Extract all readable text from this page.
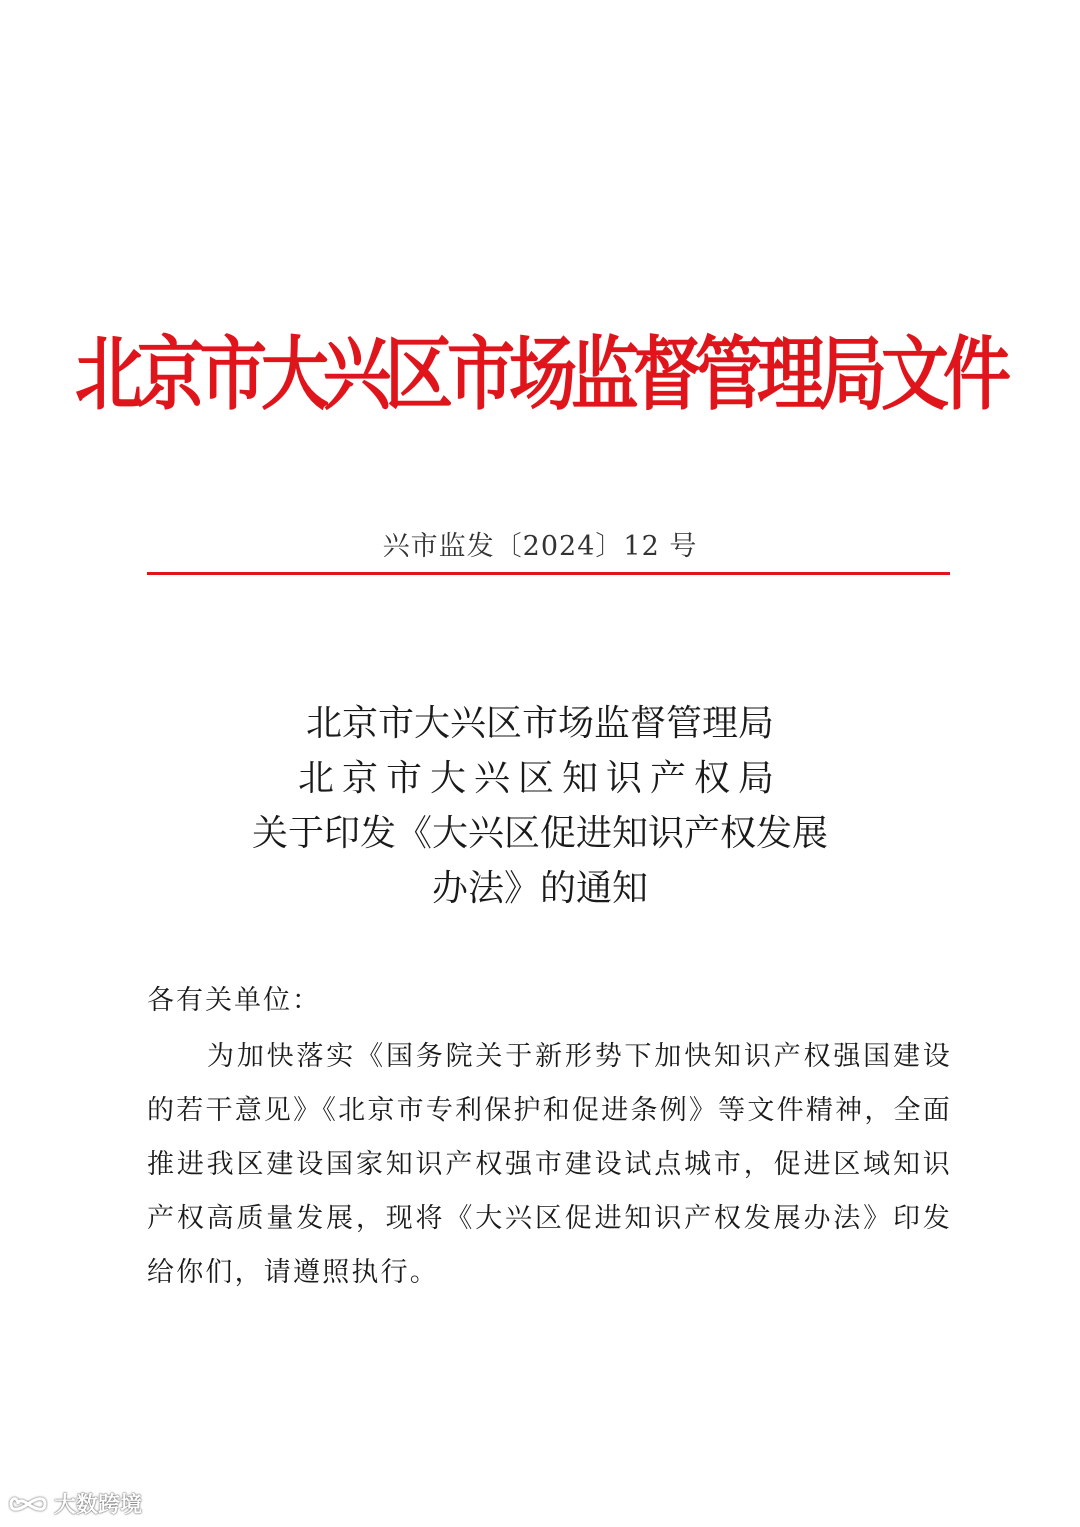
北京市大兴区市场监督管理局文件
兴市监发〔2024〕12 号
北京市大兴区市场监督管理局
北京市大兴区知识产权局
关于印发《大兴区促进知识产权发展
办法》的通知
各有关单位：

为加快落实《国务院关于新形势下加快知识产权强国建设的若干意见》《北京市专利保护和促进条例》等文件精神，全面推进我区建设国家知识产权强市建设试点城市，促进区域知识产权高质量发展，现将《大兴区促进知识产权发展办法》印发给你们，请遵照执行。

大数跨境
